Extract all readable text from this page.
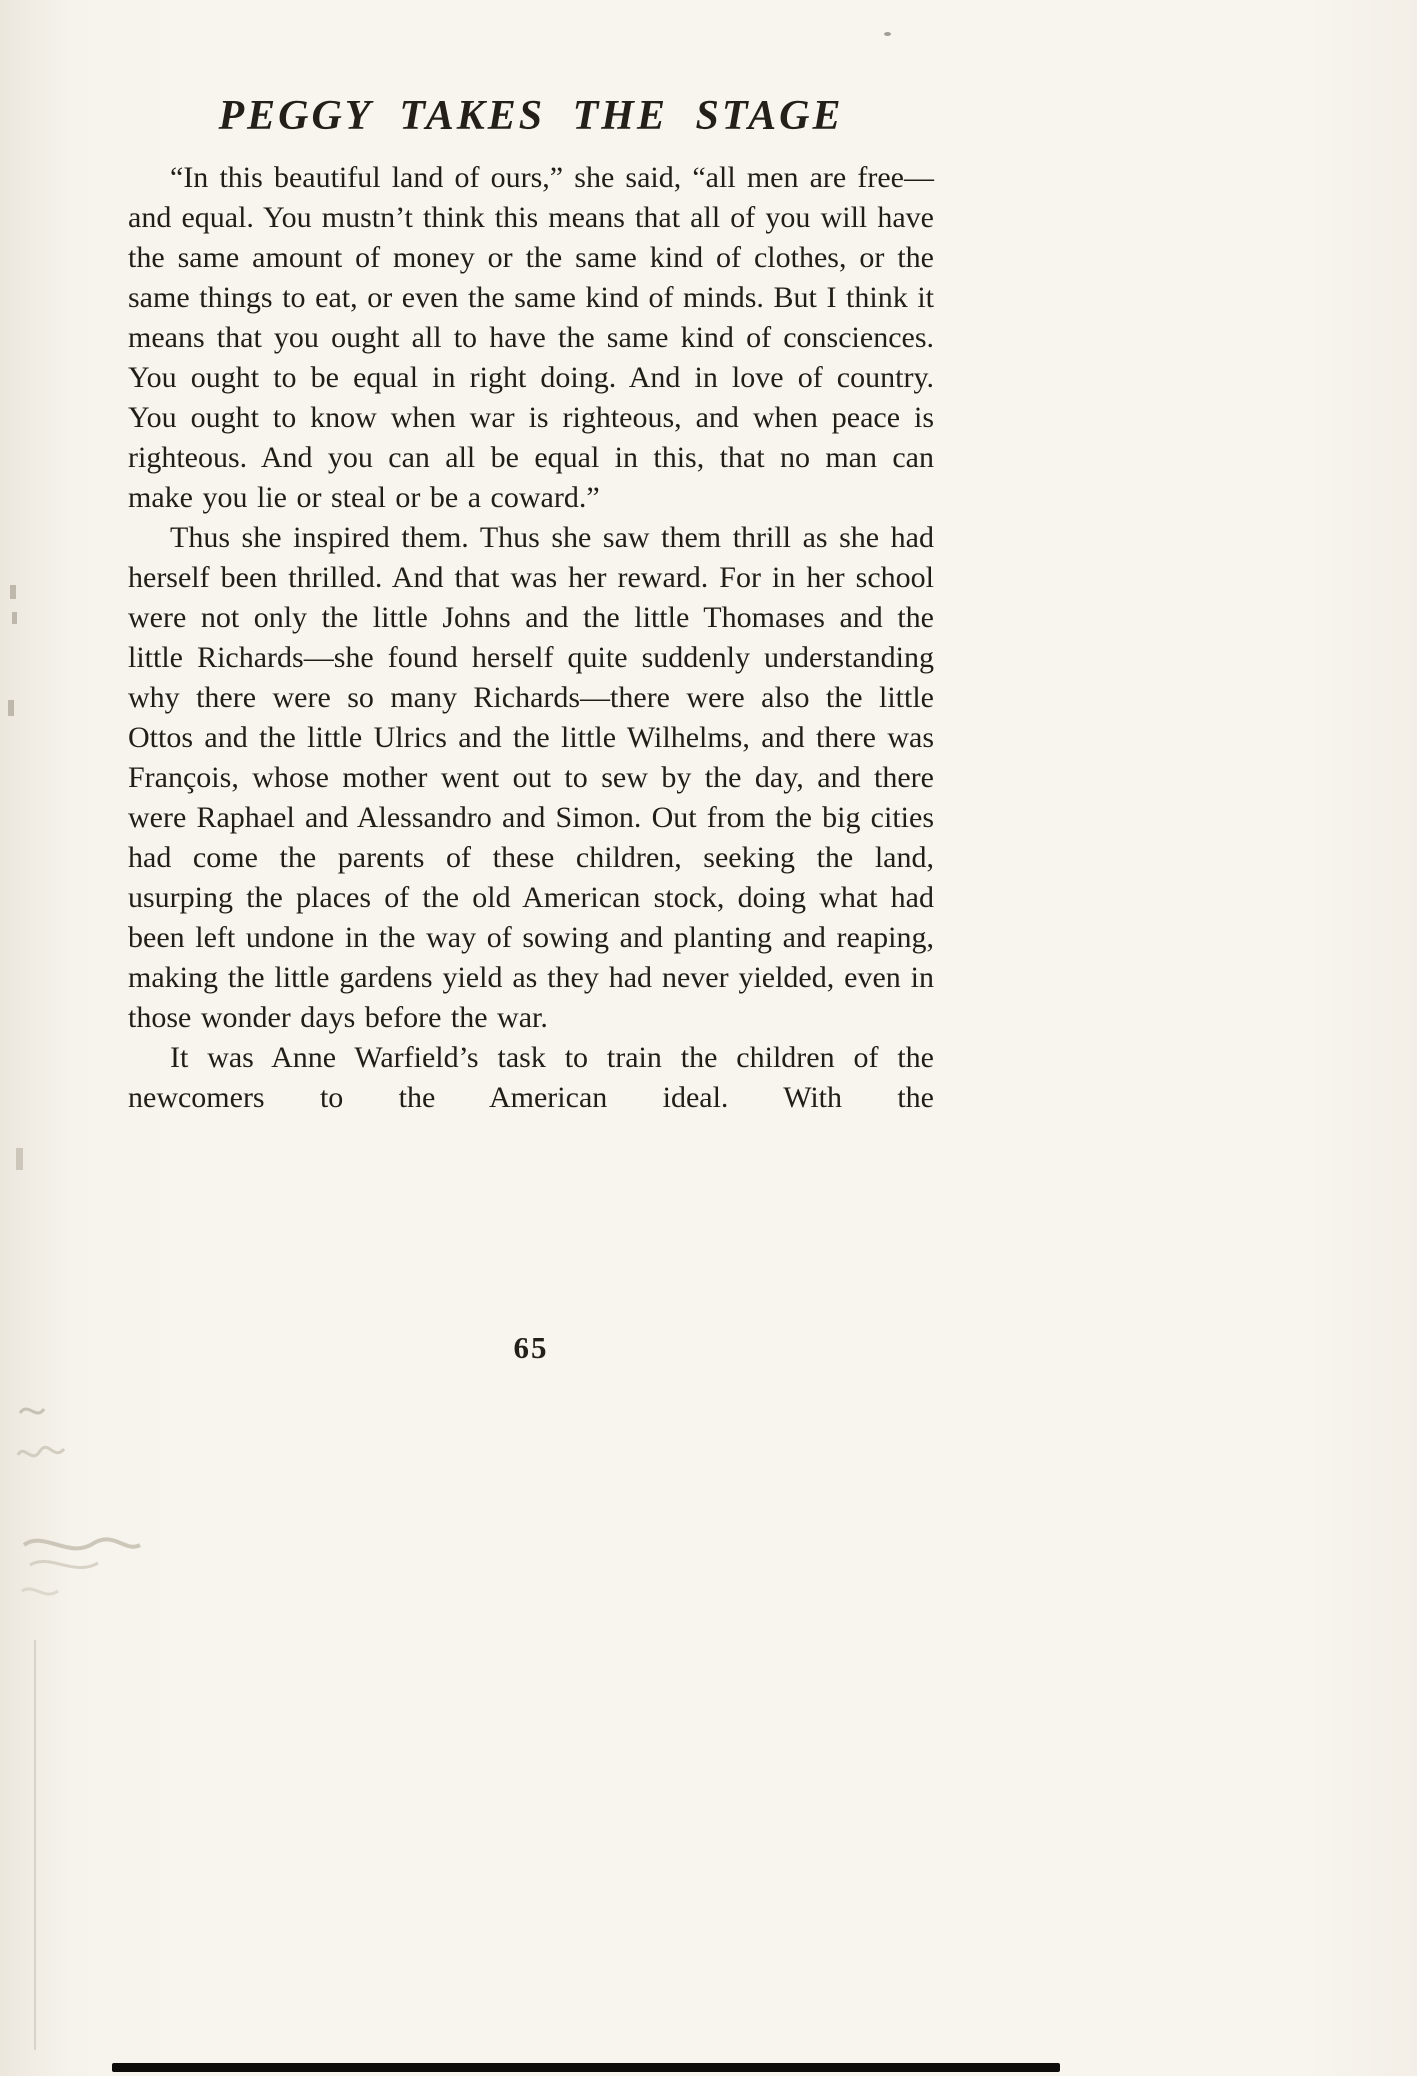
PEGGY TAKES THE STAGE

“In this beautiful land of ours,” she said, “all men are free—and equal. You mustn’t think this means that all of you will have the same amount of money or the same kind of clothes, or the same things to eat, or even the same kind of minds. But I think it means that you ought all to have the same kind of consciences. You ought to be equal in right doing. And in love of country. You ought to know when war is righteous, and when peace is righteous. And you can all be equal in this, that no man can make you lie or steal or be a coward.”

Thus she inspired them. Thus she saw them thrill as she had herself been thrilled. And that was her reward. For in her school were not only the little Johns and the little Thomases and the little Richards—she found herself quite suddenly understanding why there were so many Richards—there were also the little Ottos and the little Ulrics and the little Wilhelms, and there was François, whose mother went out to sew by the day, and there were Raphael and Alessandro and Simon. Out from the big cities had come the parents of these children, seeking the land, usurping the places of the old American stock, doing what had been left undone in the way of sowing and planting and reaping, making the little gardens yield as they had never yielded, even in those wonder days before the war.

It was Anne Warfield’s task to train the children of the newcomers to the American ideal. With the

65
